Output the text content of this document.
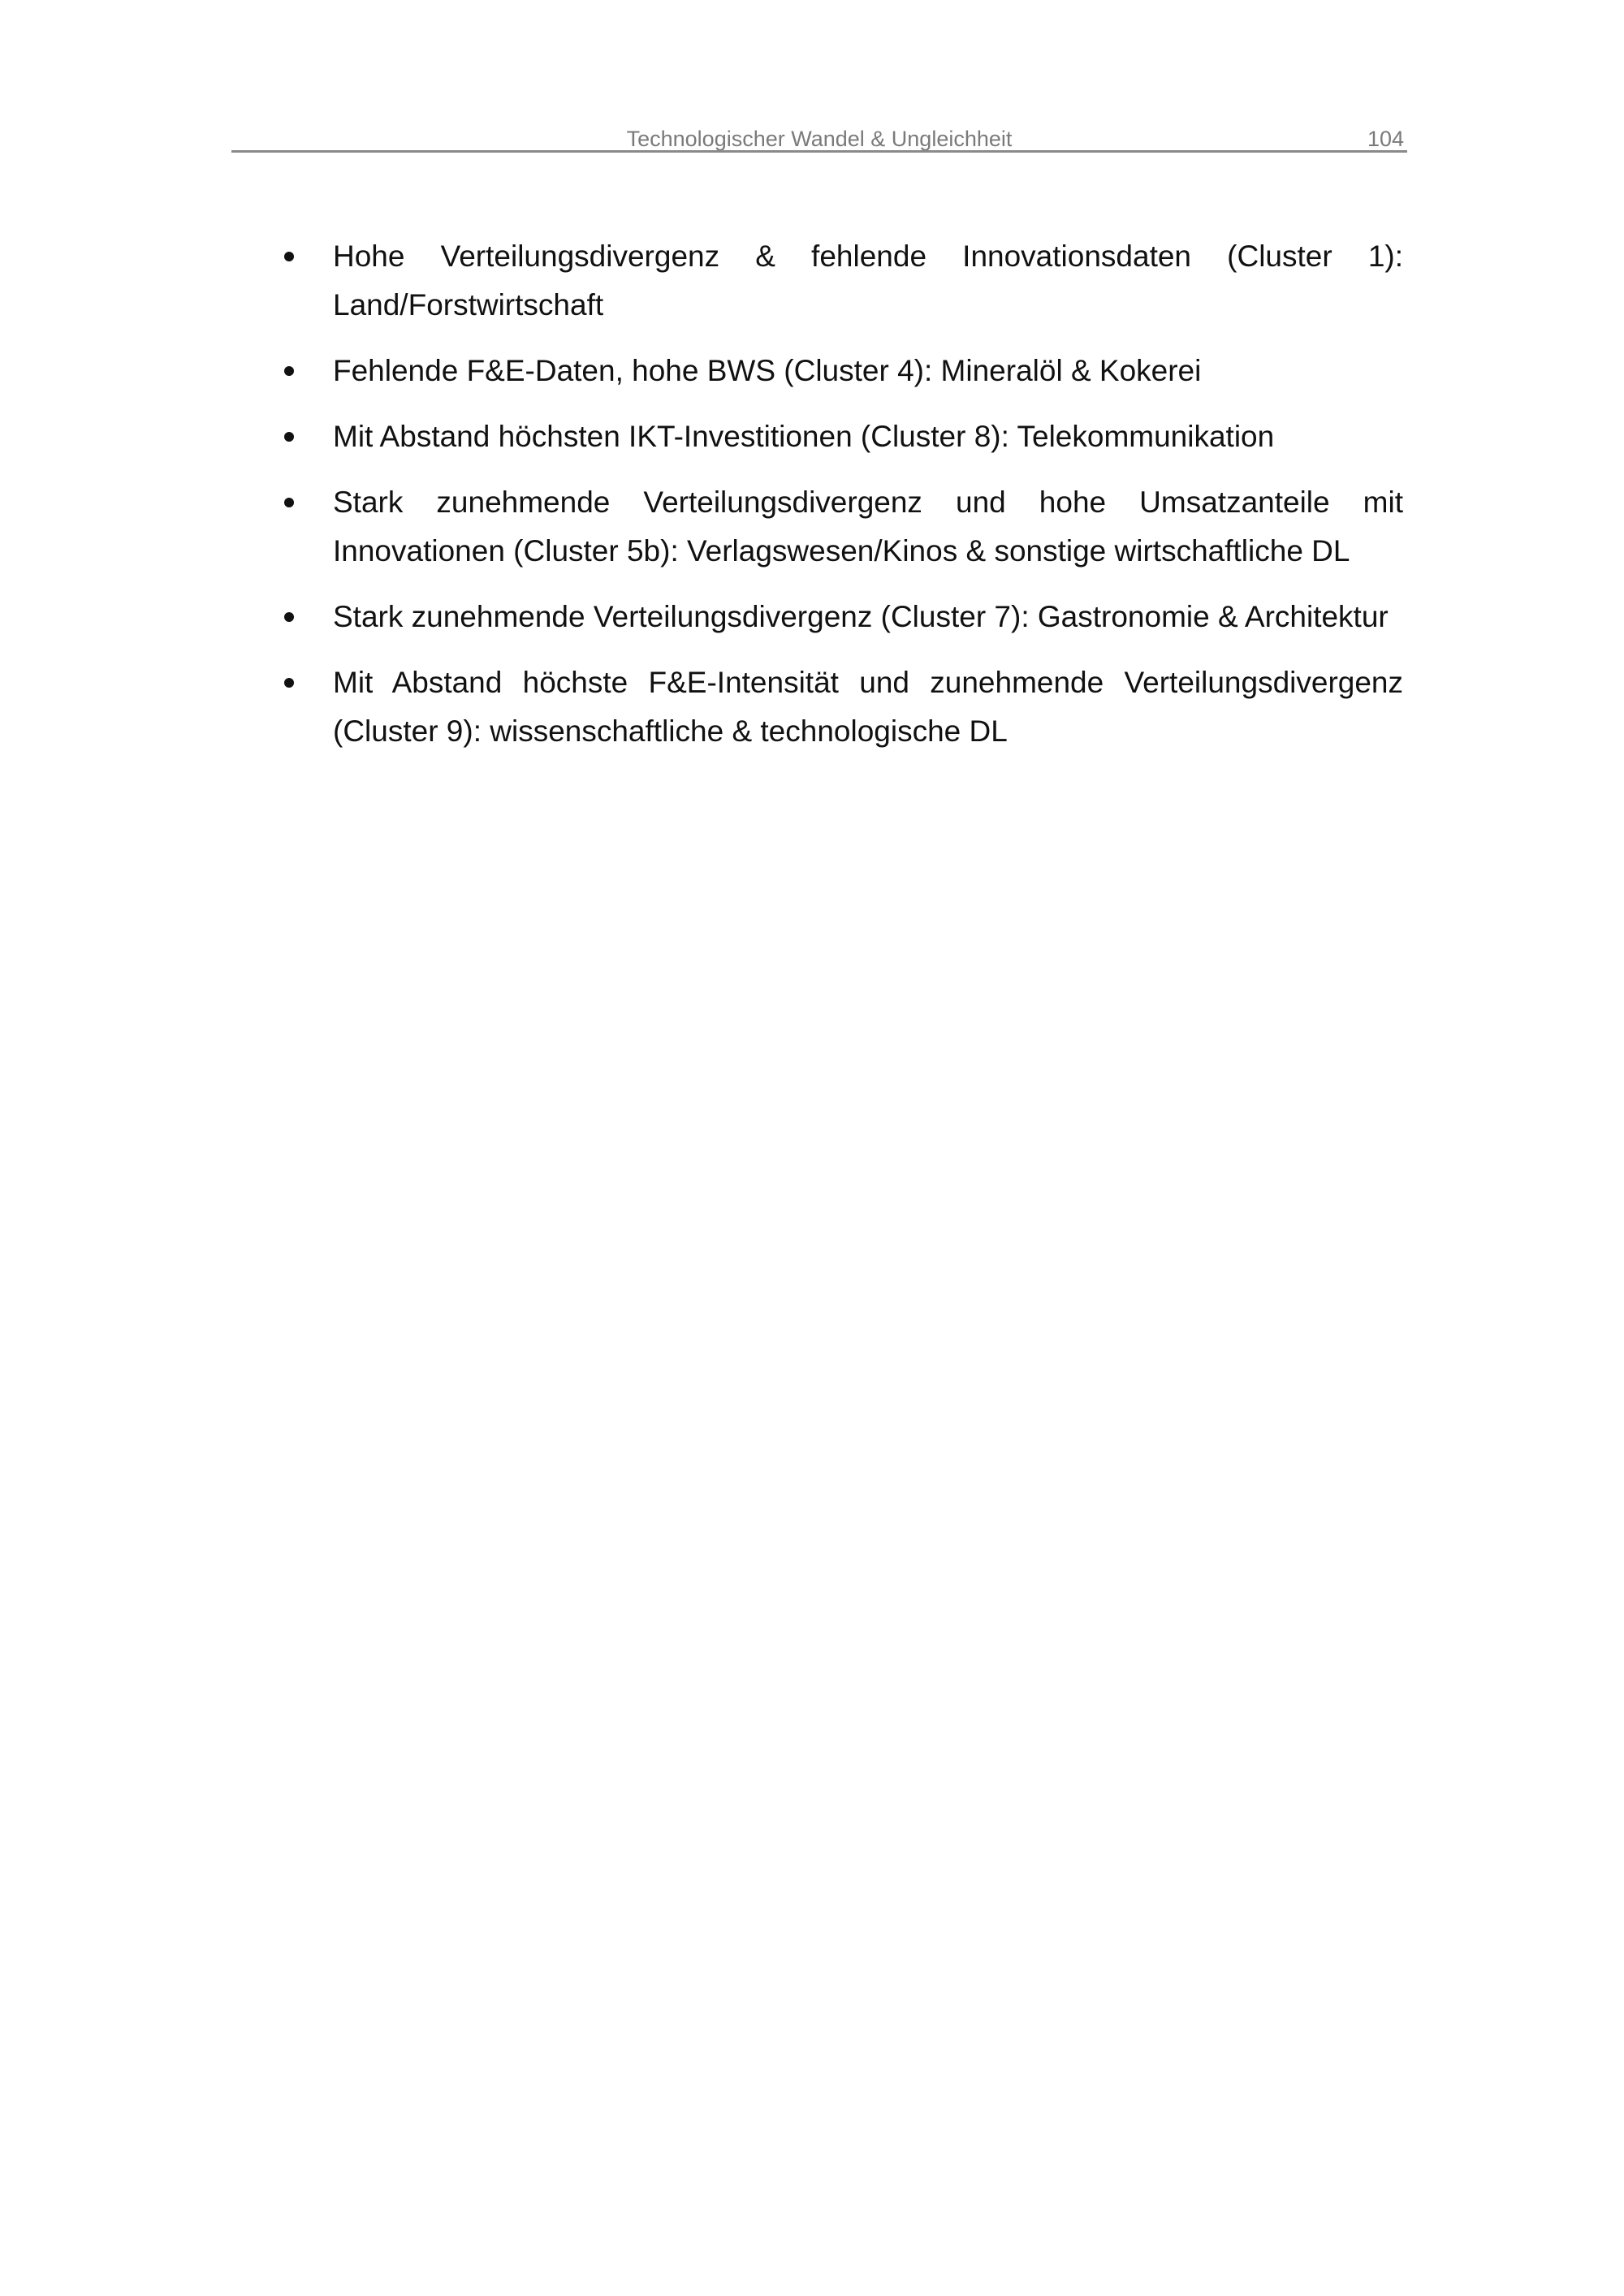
Technologischer Wandel & Ungleichheit	104
Hohe Verteilungsdivergenz & fehlende Innovationsdaten (Cluster 1): Land/Forstwirtschaft
Fehlende F&E-Daten, hohe BWS (Cluster 4): Mineralöl & Kokerei
Mit Abstand höchsten IKT-Investitionen (Cluster 8): Telekommunikation
Stark zunehmende Verteilungsdivergenz und hohe Umsatzanteile mit Innovationen (Cluster 5b): Verlagswesen/Kinos & sonstige wirtschaftliche DL
Stark zunehmende Verteilungsdivergenz (Cluster 7): Gastronomie & Architektur
Mit Abstand höchste F&E-Intensität und zunehmende Verteilungsdivergenz (Cluster 9): wissenschaftliche & technologische DL
